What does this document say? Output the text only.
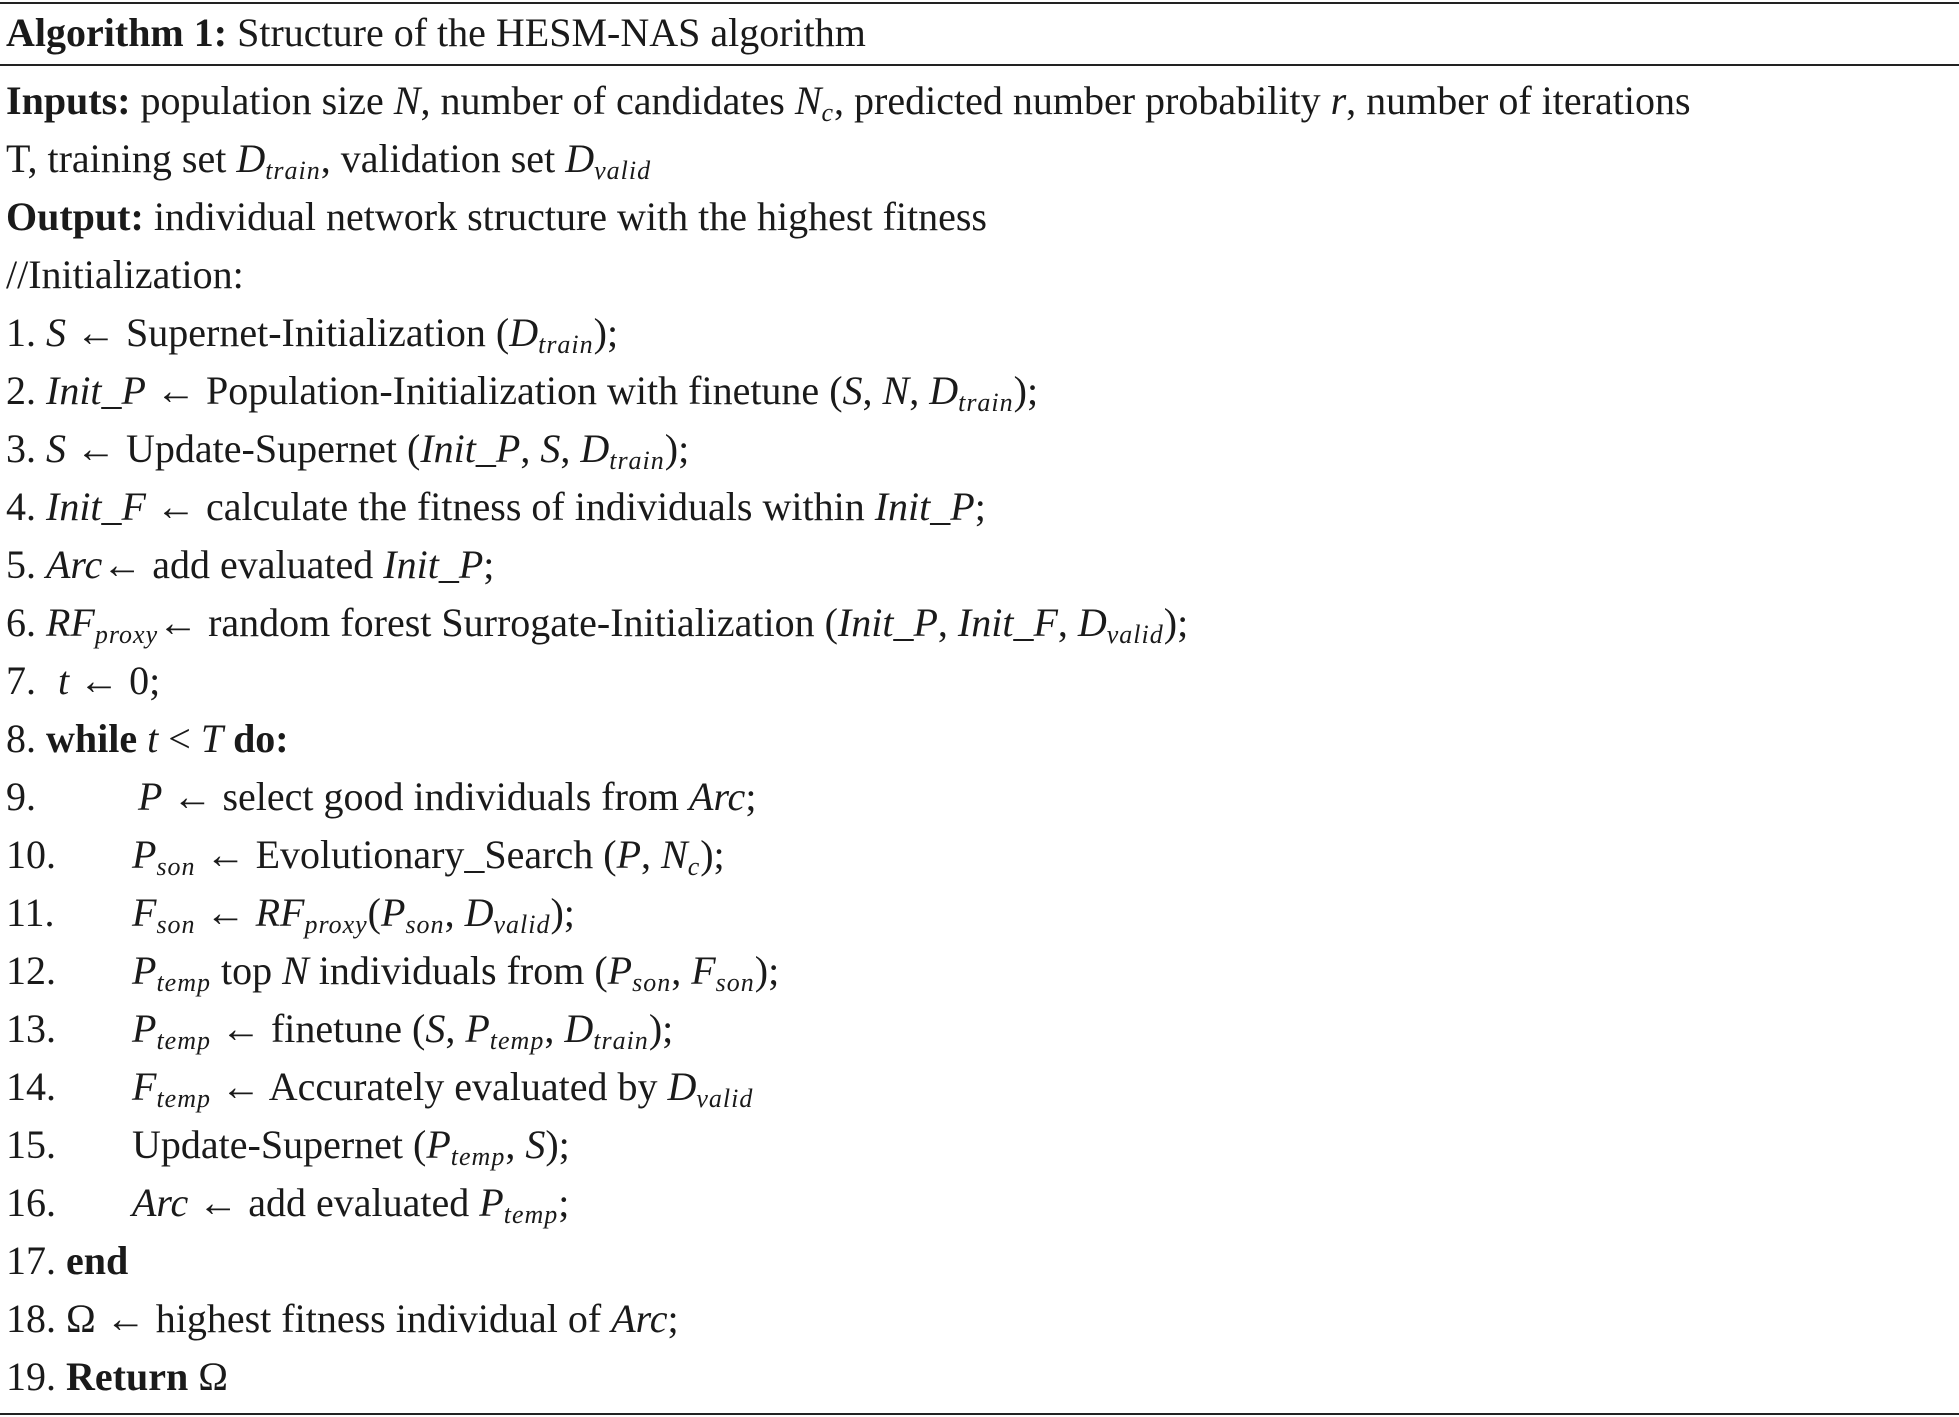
Algorithm 1: Structure of the HESM-NAS algorithm
Inputs: population size N, number of candidates $N_c$, predicted number probability r, number of iterations
T, training set $D_{train}$, validation set $D_{valid}$
Output: individual network structure with the highest fitness
//Initialization:
1. S ← Supernet-Initialization $(D_{train})$;
2. Init_P ← Population-Initialization with finetune (S, N, $D_{train}$);
3. S ← Update-Supernet (Init_P, S, $D_{train}$);
4. Init_F ← calculate the fitness of individuals within Init_P;
5. Arc← add evaluated Init_P;
6. $RF_{proxy}\leftarrow$ random forest Surrogate-Initialization (Init_P, Init_F, $D_{valid}$);
7. t ← 0;
8. while t < T do:
9.	P ← select good individuals from Arc;
10. $P_{son}$ ← Evolutionary_Search (P, $N_c$);
11. $F_{son}$ ← $RF_{proxy}(P_{son}$, $D_{valid}$);
12. $P_{temp}$ top N individuals from ($P_{son}$, $F_{son}$);
13. $P_{temp}$ ← finetune (S, $P_{temp}$, $D_{train}$);
14. $F_{temp}$ ← Accurately evaluated by $D_{valid}$
15. Update-Supernet ($P_{temp}$, S);
16. Arc ← add evaluated $P_{temp}$;
17. end
18. Ω ← highest fitness individual of Arc;
19. Return Ω
